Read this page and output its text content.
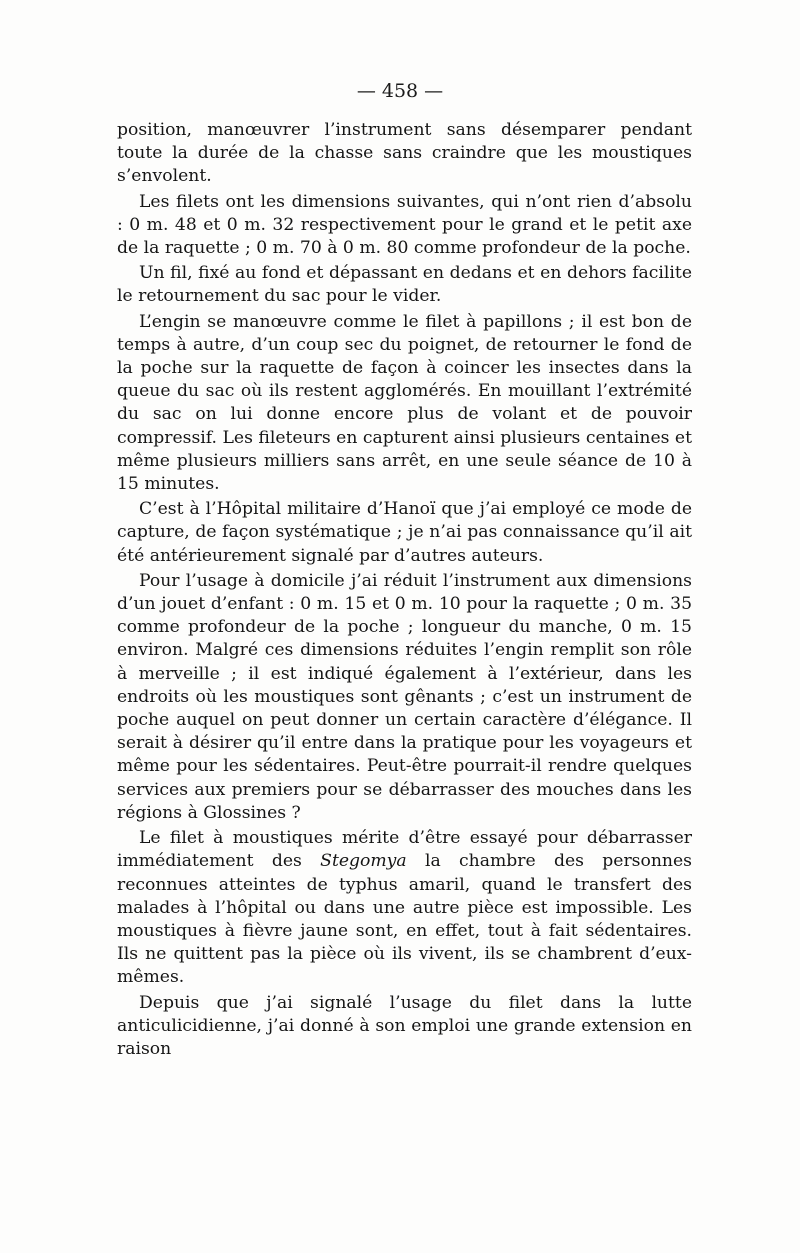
— 458 —

position, manœuvrer l’instrument sans désemparer pendant toute la durée de la chasse sans craindre que les moustiques s’envolent.

Les filets ont les dimensions suivantes, qui n’ont rien d’absolu : 0 m. 48 et 0 m. 32 respectivement pour le grand et le petit axe de la raquette ; 0 m. 70 à 0 m. 80 comme profondeur de la poche.

Un fil, fixé au fond et dépassant en dedans et en dehors facilite le retournement du sac pour le vider.

L’engin se manœuvre comme le filet à papillons ; il est bon de temps à autre, d’un coup sec du poignet, de retourner le fond de la poche sur la raquette de façon à coincer les insectes dans la queue du sac où ils restent agglomérés. En mouillant l’extrémité du sac on lui donne encore plus de volant et de pouvoir compressif. Les fileteurs en capturent ainsi plusieurs centaines et même plusieurs milliers sans arrêt, en une seule séance de 10 à 15 minutes.

C’est à l’Hôpital militaire d’Hanoï que j’ai employé ce mode de capture, de façon systématique ; je n’ai pas connaissance qu’il ait été antérieurement signalé par d’autres auteurs.

Pour l’usage à domicile j’ai réduit l’instrument aux dimensions d’un jouet d’enfant : 0 m. 15 et 0 m. 10 pour la raquette ; 0 m. 35 comme profondeur de la poche ; longueur du manche, 0 m. 15 environ. Malgré ces dimensions réduites l’engin remplit son rôle à merveille ; il est indiqué également à l’extérieur, dans les endroits où les moustiques sont gênants ; c’est un instrument de poche auquel on peut donner un certain caractère d’élégance. Il serait à désirer qu’il entre dans la pratique pour les voyageurs et même pour les sédentaires. Peut-être pourrait-il rendre quelques services aux premiers pour se débarrasser des mouches dans les régions à Glossines ?

Le filet à moustiques mérite d’être essayé pour débarrasser immédiatement des Stegomya la chambre des personnes reconnues atteintes de typhus amaril, quand le transfert des malades à l’hôpital ou dans une autre pièce est impossible. Les moustiques à fièvre jaune sont, en effet, tout à fait sédentaires. Ils ne quittent pas la pièce où ils vivent, ils se chambrent d’eux-mêmes.

Depuis que j’ai signalé l’usage du filet dans la lutte anticulicidienne, j’ai donné à son emploi une grande extension en raison
